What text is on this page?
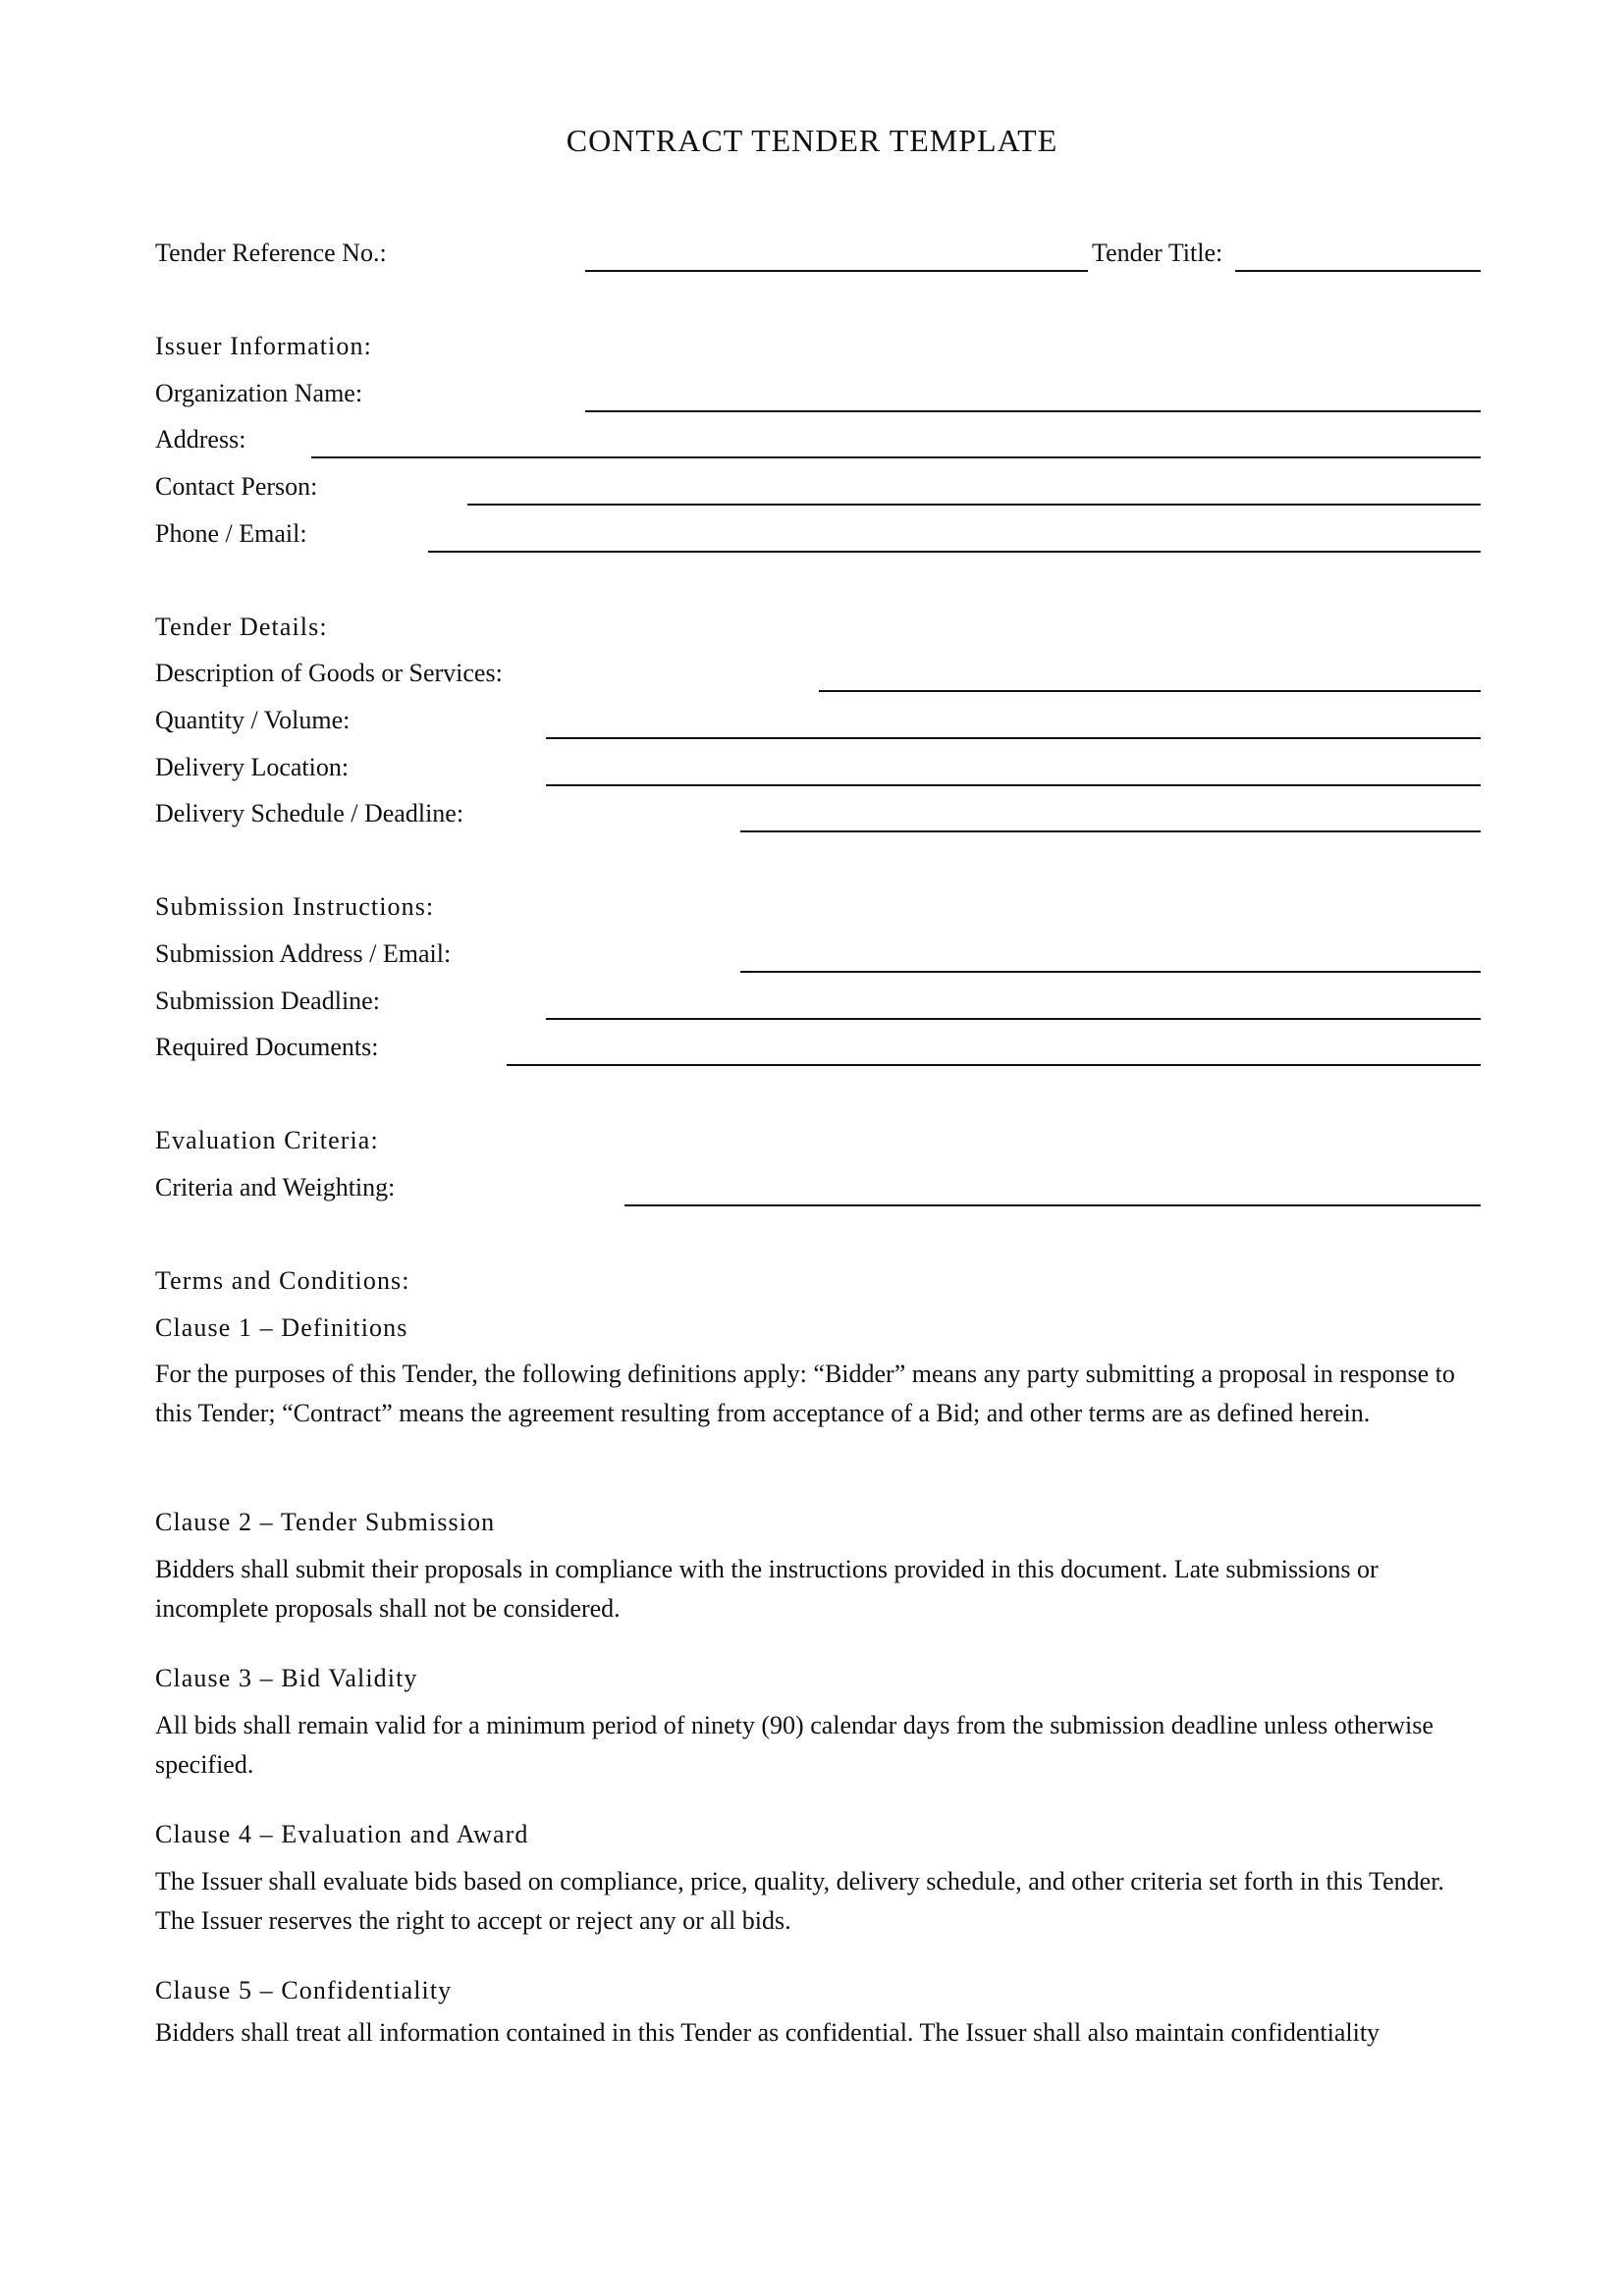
CONTRACT TENDER TEMPLATE
Tender Reference No.:	Tender Title:
Issuer Information:
Organization Name:
Address:
Contact Person:
Phone / Email:
Tender Details:
Description of Goods or Services:
Quantity / Volume:
Delivery Location:
Delivery Schedule / Deadline:
Submission Instructions:
Submission Address / Email:
Submission Deadline:
Required Documents:
Evaluation Criteria:
Criteria and Weighting:
Terms and Conditions:
Clause 1 – Definitions
For the purposes of this Tender, the following definitions apply: “Bidder” means any party submitting a proposal in response to this Tender; “Contract” means the agreement resulting from acceptance of a Bid; and other terms are as defined herein.
Clause 2 – Tender Submission
Bidders shall submit their proposals in compliance with the instructions provided in this document. Late submissions or incomplete proposals shall not be considered.
Clause 3 – Bid Validity
All bids shall remain valid for a minimum period of ninety (90) calendar days from the submission deadline unless otherwise specified.
Clause 4 – Evaluation and Award
The Issuer shall evaluate bids based on compliance, price, quality, delivery schedule, and other criteria set forth in this Tender. The Issuer reserves the right to accept or reject any or all bids.
Clause 5 – Confidentiality
Bidders shall treat all information contained in this Tender as confidential. The Issuer shall also maintain confidentiality
